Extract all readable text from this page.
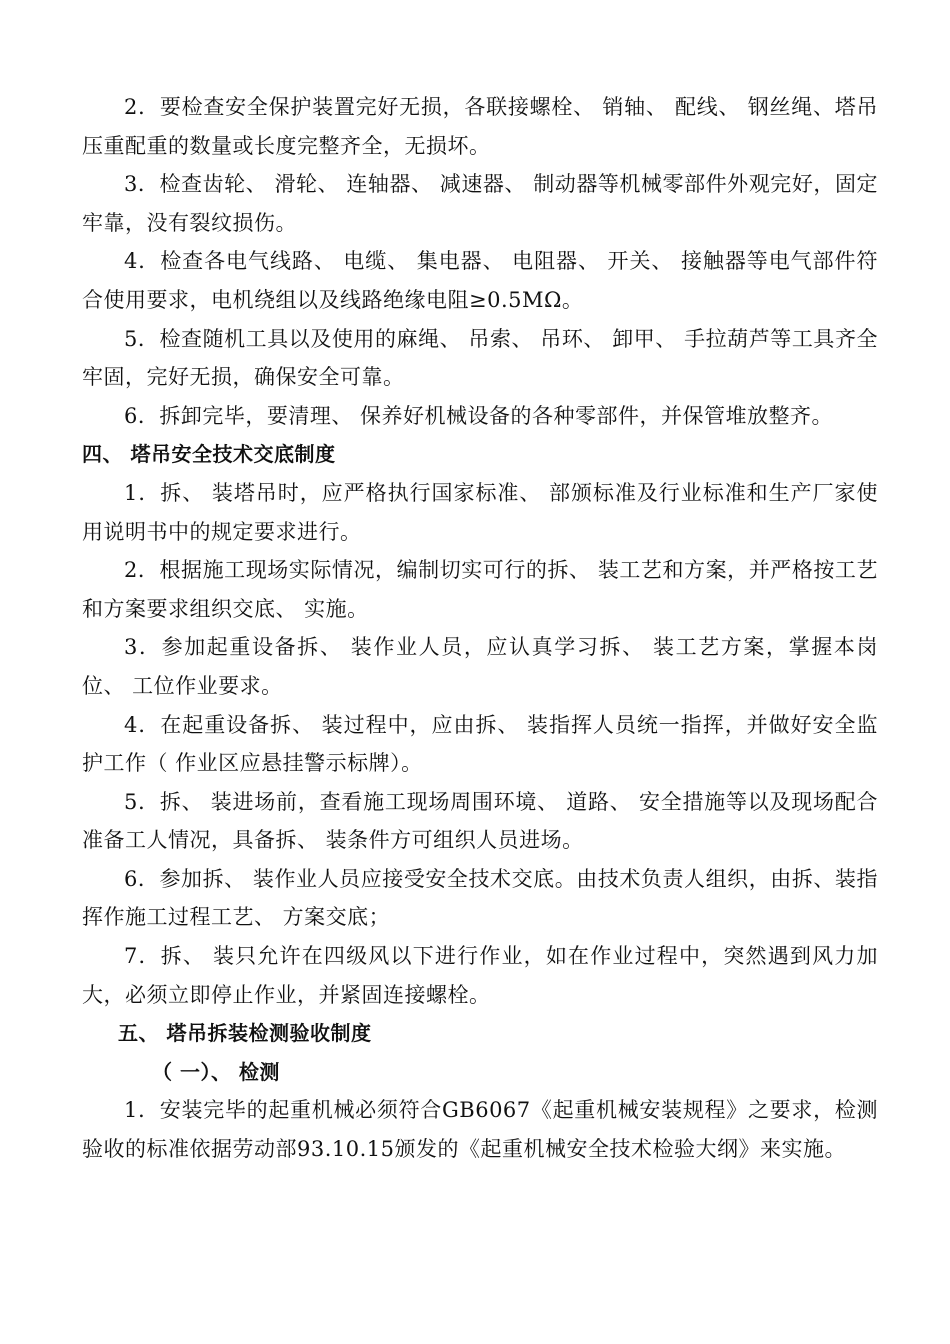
2．要检查安全保护装置完好无损，各联接螺栓、 销轴、 配线、 钢丝绳、塔吊压重配重的数量或长度完整齐全，无损坏。

3．检查齿轮、 滑轮、 连轴器、 减速器、 制动器等机械零部件外观完好，固定牢靠，没有裂纹损伤。

4．检查各电气线路、 电缆、 集电器、 电阻器、 开关、 接触器等电气部件符合使用要求，电机绕组以及线路绝缘电阻≥0.5MΩ。

5．检查随机工具以及使用的麻绳、 吊索、 吊环、 卸甲、 手拉葫芦等工具齐全牢固，完好无损，确保安全可靠。

6．拆卸完毕，要清理、 保养好机械设备的各种零部件，并保管堆放整齐。

四、 塔吊安全技术交底制度

1．拆、 装塔吊时，应严格执行国家标准、 部颁标准及行业标准和生产厂家使用说明书中的规定要求进行。

2．根据施工现场实际情况，编制切实可行的拆、 装工艺和方案，并严格按工艺和方案要求组织交底、 实施。

3．参加起重设备拆、 装作业人员，应认真学习拆、 装工艺方案，掌握本岗位、 工位作业要求。

4．在起重设备拆、 装过程中，应由拆、 装指挥人员统一指挥，并做好安全监护工作（ 作业区应悬挂警示标牌）。

5．拆、 装进场前，查看施工现场周围环境、 道路、 安全措施等以及现场配合准备工人情况，具备拆、 装条件方可组织人员进场。

6．参加拆、 装作业人员应接受安全技术交底。由技术负责人组织，由拆、装指挥作施工过程工艺、 方案交底；

7．拆、 装只允许在四级风以下进行作业，如在作业过程中，突然遇到风力加大，必须立即停止作业，并紧固连接螺栓。

五、 塔吊拆装检测验收制度

（ 一）、 检测

1．安装完毕的起重机械必须符合GB6067《起重机械安装规程》之要求，检测验收的标准依据劳动部93.10.15颁发的《起重机械安全技术检验大纲》来实施。
